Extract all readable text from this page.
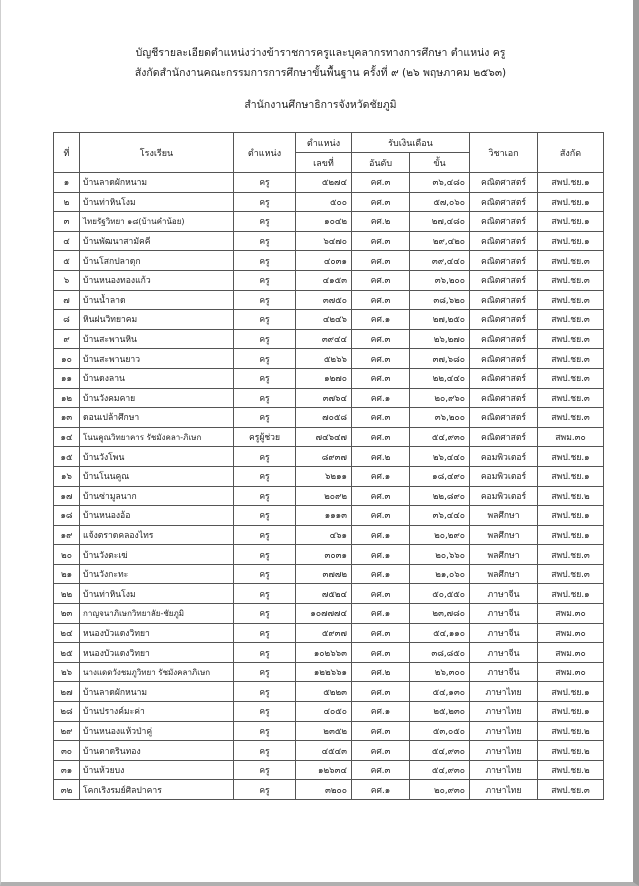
บัญชีรายละเอียดตำแหน่งว่างข้าราชการครูและบุคลากรทางการศึกษา ตำแหน่ง ครู
สังกัดสำนักงานคณะกรรมการการศึกษาขั้นพื้นฐาน ครั้งที่ ๙ (๒๖ พฤษภาคม ๒๕๖๓)
สำนักงานศึกษาธิการจังหวัดชัยภูมิ
ที่	โรงเรียน	ตำแหน่ง	ตำแหน่ง	รับเงินเดือน		วิชาเอก	สังกัด
			เลขที่	อันดับ	ขั้น		
๑	บ้านลาดผักหนาม	ครู	๕๒๗๔	คศ.๓	๓๖,๔๘๐	คณิตศาสตร์	สพป.ชย.๑
๒	บ้านท่าหินโงม	ครู	๕๐๐	คศ.๓	๕๗,๐๖๐	คณิตศาสตร์	สพป.ชย.๑
๓	ไทยรัฐวิทยา ๑๘(บ้านคำน้อย)	ครู	๑๐๔๒	คศ.๒	๒๗,๔๘๐	คณิตศาสตร์	สพป.ชย.๑
๔	บ้านพัฒนาสามัคคี	ครู	๖๔๗๐	คศ.๓	๒๙,๔๒๐	คณิตศาสตร์	สพป.ชย.๑
๕	บ้านโสกปลาดุก	ครู	๔๐๓๑	คศ.๓	๓๙,๔๔๐	คณิตศาสตร์	สพป.ชย.๓
๖	บ้านหนองทองแก้ว	ครู	๔๑๕๓	คศ.๓	๓๖,๒๐๐	คณิตศาสตร์	สพป.ชย.๓
๗	บ้านน้ำลาด	ครู	๓๗๕๐	คศ.๓	๓๘,๖๒๐	คณิตศาสตร์	สพป.ชย.๓
๘	หินฝนวิทยาคม	ครู	๔๒๔๖	คศ.๑	๒๗,๒๕๐	คณิตศาสตร์	สพป.ชย.๓
๙	บ้านสะพานหิน	ครู	๓๙๔๔	คศ.๓	๒๖,๒๗๐	คณิตศาสตร์	สพป.ชย.๓
๑๐	บ้านสะพานยาว	ครู	๕๒๖๖	คศ.๓	๓๗,๖๘๐	คณิตศาสตร์	สพป.ชย.๓
๑๑	บ้านดงลาน	ครู	๑๒๗๐	คศ.๓	๒๒,๔๔๐	คณิตศาสตร์	สพป.ชย.๓
๑๒	บ้านวังคมคาย	ครู	๓๗๖๔	คศ.๑	๒๐,๙๖๐	คณิตศาสตร์	สพป.ชย.๓
๑๓	ดอนเปล้าศึกษา	ครู	๗๐๕๘	คศ.๓	๓๖,๒๐๐	คณิตศาสตร์	สพป.ชย.๓
๑๔	โนนคูณวิทยาคาร รัชมังคลา-ภิเษก	ครูผู้ช่วย	๗๔๖๔๗	คศ.๓	๕๔,๙๓๐	คณิตศาสตร์	สพม.๓๐
๑๕	บ้านวังโพน	ครู	๘๙๓๗	คศ.๒	๒๖,๔๔๐	คอมพิวเตอร์	สพป.ชย.๑
๑๖	บ้านโนนคูณ	ครู	๖๒๑๑	คศ.๑	๑๘,๔๙๐	คอมพิวเตอร์	สพป.ชย.๑
๑๗	บ้านซ่ามูลนาก	ครู	๒๐๙๒	คศ.๓	๒๒,๘๙๐	คอมพิวเตอร์	สพป.ชย.๒
๑๘	บ้านหนองอ้อ	ครู	๑๑๑๓	คศ.๓	๓๖,๔๔๐	พลศึกษา	สพป.ชย.๑
๑๙	แจ้งตราดคลองไทร	ครู	๔๖๑	คศ.๑	๒๐,๒๙๐	พลศึกษา	สพป.ชย.๑
๒๐	บ้านวังตะเฆ่	ครู	๓๐๓๑	คศ.๑	๒๐,๖๖๐	พลศึกษา	สพป.ชย.๓
๒๑	บ้านวังกะทะ	ครู	๓๗๗๒	คศ.๑	๒๑,๐๖๐	พลศึกษา	สพป.ชย.๓
๒๒	บ้านท่าหินโงม	ครู	๗๕๒๔	คศ.๓	๕๐,๕๕๐	ภาษาจีน	สพป.ชย.๑
๒๓	กาญจนาภิเษกวิทยาลัย-ชัยภูมิ	ครู	๑๐๗๗๗๔	คศ.๑	๒๓,๗๘๐	ภาษาจีน	สพม.๓๐
๒๔	หนองบัวแดงวิทยา	ครู	๕๙๓๗	คศ.๓	๕๔,๑๑๐	ภาษาจีน	สพม.๓๐
๒๕	หนองบัวแดงวิทยา	ครู	๑๐๒๖๖๓	คศ.๓	๓๘,๘๕๐	ภาษาจีน	สพม.๓๐
๒๖	นางแดดวังชมภูวิทยา รัชมังคลาภิเษก	ครู	๑๒๒๖๖๑	คศ.๒	๒๖,๓๐๐	ภาษาจีน	สพม.๓๐
๒๗	บ้านลาดผักหนาม	ครู	๕๒๒๓	คศ.๓	๕๔,๑๓๐	ภาษาไทย	สพป.ชย.๑
๒๘	บ้านปรางค์มะค่า	ครู	๔๐๕๐	คศ.๑	๒๕,๒๓๐	ภาษาไทย	สพป.ชย.๑
๒๙	บ้านหนองแห้วป่าคู่	ครู	๒๓๕๒	คศ.๓	๕๓,๐๕๐	ภาษาไทย	สพป.ชย.๒
๓๐	บ้านตาดรินทอง	ครู	๔๕๔๓	คศ.๓	๕๔,๙๓๐	ภาษาไทย	สพป.ชย.๒
๓๑	บ้านห้วยบง	ครู	๑๒๖๓๔	คศ.๓	๕๔,๙๓๐	ภาษาไทย	สพป.ชย.๒
๓๒	โคกเริงรมย์ศิลปาคาร	ครู	๓๒๐๐	คศ.๑	๒๐,๙๓๐	ภาษาไทย	สพป.ชย.๓
